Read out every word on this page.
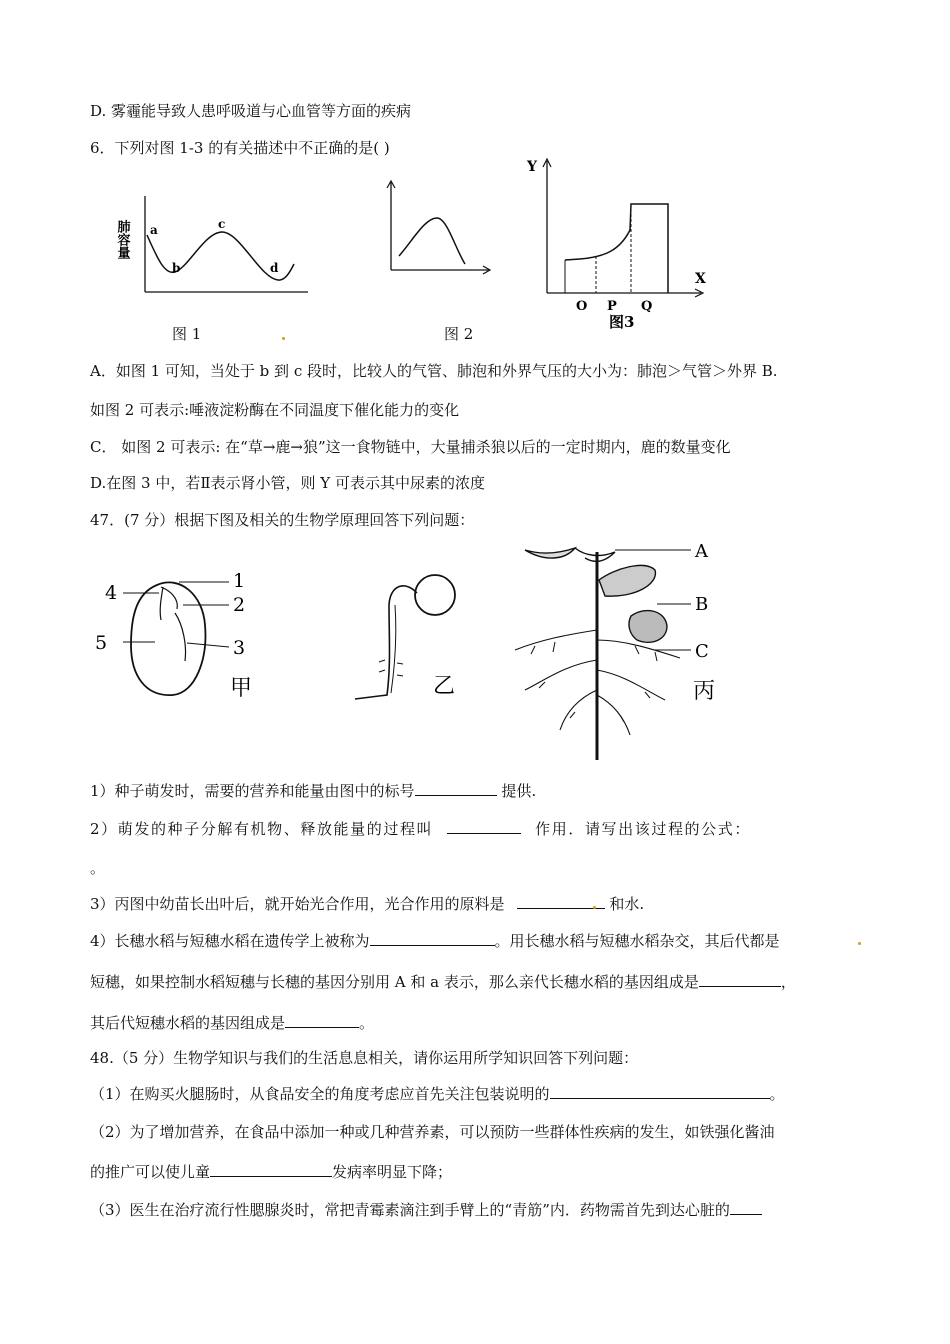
D. 雾霾能导致人患呼吸道与心血管等方面的疾病
6．下列对图 1-3 的有关描述中不正确的是( )
肺容量 a
b
c
d
图 1	图 2
Y
X
O P Q
图3
A．如图 1 可知，当处于 b 到 c 段时，比较人的气管、肺泡和外界气压的大小为：肺泡＞气管＞外界 B.
如图 2 可表示:唾液淀粉酶在不同温度下催化能力的变化
C． 如图 2 可表示: 在“草→鹿→狼”这一食物链中，大量捕杀狼以后的一定时期内，鹿的数量变化
D.在图 3 中，若Ⅱ表示肾小管，则 Y 可表示其中尿素的浓度
47．(7 分）根据下图及相关的生物学原理回答下列问题：
4
1
2
5	3
甲	乙
A
B
C
丙
1）种子萌发时，需要的营养和能量由图中的标号	提供.
2）萌发的种子分解有机物、释放能量的过程叫	作用．请写出该过程的公式：
。
3）丙图中幼苗长出叶后，就开始光合作用，光合作用的原料是	和水.
4）长穗水稻与短穗水稻在遗传学上被称为	。用长穗水稻与短穗水稻杂交，其后代都是
短穗，如果控制水稻短穗与长穗的基因分别用 A 和 a 表示，那么亲代长穗水稻的基因组成是	，
其后代短穗水稻的基因组成是	。
48.（5 分）生物学知识与我们的生活息息相关，请你运用所学知识回答下列问题：
（1）在购买火腿肠时，从食品安全的角度考虑应首先关注包装说明的	。
（2）为了增加营养，在食品中添加一种或几种营养素，可以预防一些群体性疾病的发生，如铁强化酱油
的推广可以使儿童	发病率明显下降；
（3）医生在治疗流行性腮腺炎时，常把青霉素滴注到手臂上的“青筋”内．药物需首先到达心脏的
